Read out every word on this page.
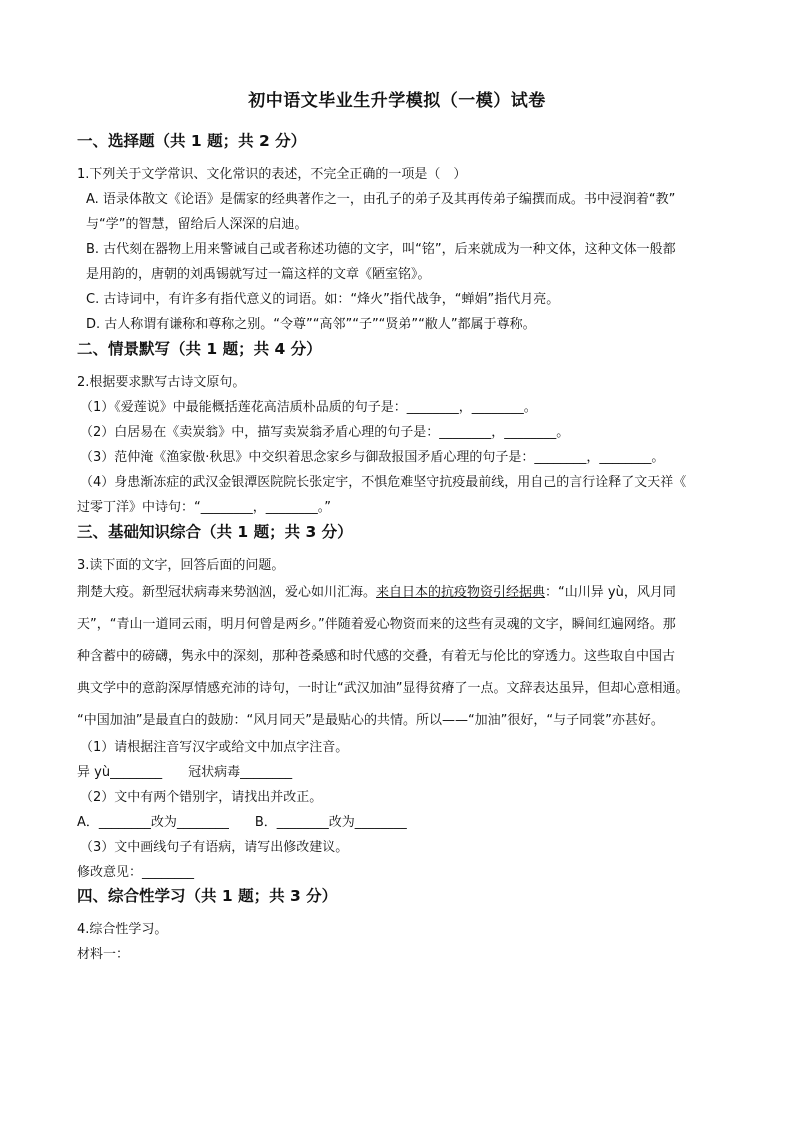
初中语文毕业生升学模拟（一模）试卷
一、选择题（共 1 题；共 2 分）
1.下列关于文学常识、文化常识的表述，不完全正确的一项是（　）
A. 语录体散文《论语》是儒家的经典著作之一，由孔子的弟子及其再传弟子编撰而成。书中浸润着“教”
与“学”的智慧，留给后人深深的启迪。
B. 古代刻在器物上用来警诫自己或者称述功德的文字，叫“铭”，后来就成为一种文体，这种文体一般都
是用韵的，唐朝的刘禹锡就写过一篇这样的文章《陋室铭》。
C. 古诗词中，有许多有指代意义的词语。如：“烽火”指代战争，“蝉娟”指代月亮。
D. 古人称谓有谦称和尊称之别。“令尊”“高邻”“子”“贤弟”“敝人”都属于尊称。
二、情景默写（共 1 题；共 4 分）
2.根据要求默写古诗文原句。
（1）《爱莲说》中最能概括莲花高洁质朴品质的句子是：________，________。
（2）白居易在《卖炭翁》中，描写卖炭翁矛盾心理的句子是：________，________。
（3）范仲淹《渔家傲·秋思》中交织着思念家乡与御敌报国矛盾心理的句子是：________，________。
（4）身患渐冻症的武汉金银潭医院院长张定宇，不惧危难坚守抗疫最前线，用自己的言行诠释了文天祥《
过零丁洋》中诗句：“________，________。”
三、基础知识综合（共 1 题；共 3 分）
3.读下面的文字，回答后面的问题。
荆楚大疫。新型冠状病毒来势汹汹，爱心如川汇海。来自日本的抗疫物资引经据典：“山川异 yù，风月同
天”，“青山一道同云雨，明月何曾是两乡。”伴随着爱心物资而来的这些有灵魂的文字，瞬间红遍网络。那
种含蓄中的磅礴，隽永中的深刻，那种苍桑感和时代感的交叠，有着无与伦比的穿透力。这些取自中国古
典文学中的意韵深厚情感充沛的诗句，一时让“武汉加油”显得贫瘠了一点。文辞表达虽异，但却心意相通。
“中国加油”是最直白的鼓励：“风月同天”是最贴心的共情。所以——“加油”很好，“与子同裳”亦甚好。
（1）请根据注音写汉字或给文中加点字注音。
异 yù________　　冠状病毒________
（2）文中有两个错别字，请找出并改正。
A．________改为________　　B．________改为________
（3）文中画线句子有语病，请写出修改建议。
修改意见：________
四、综合性学习（共 1 题；共 3 分）
4.综合性学习。
材料一：
